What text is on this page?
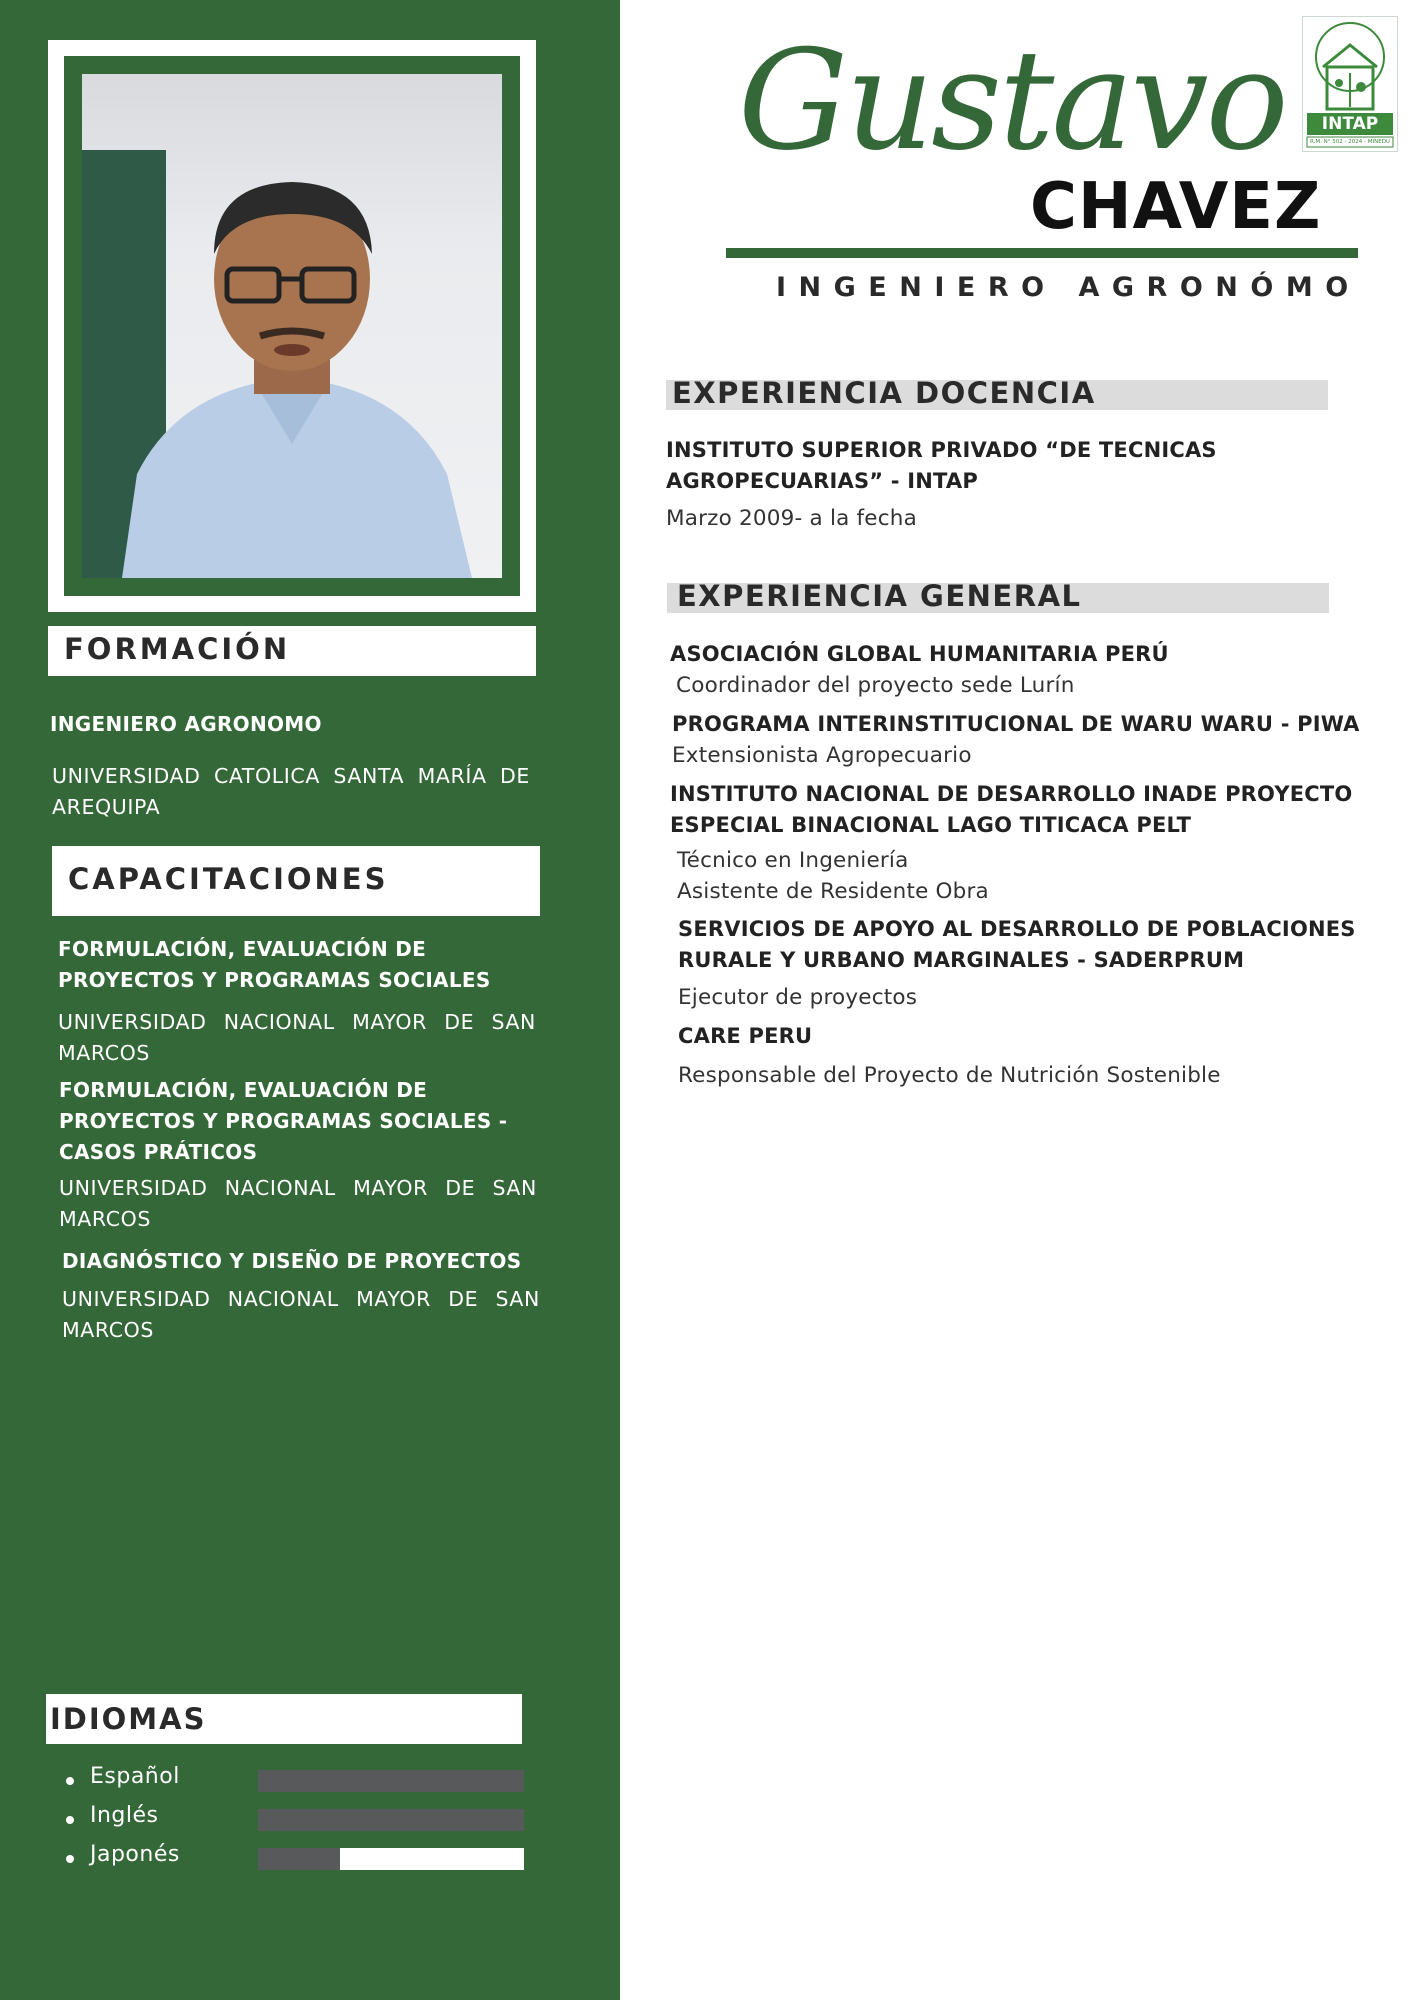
FORMACIÓN
INGENIERO AGRONOMO
UNIVERSIDAD CATOLICA SANTA MARÍA DE AREQUIPA
CAPACITACIONES
FORMULACIÓN, EVALUACIÓN DE PROYECTOS Y PROGRAMAS SOCIALES
UNIVERSIDAD NACIONAL MAYOR DE SAN MARCOS
FORMULACIÓN, EVALUACIÓN DE PROYECTOS Y PROGRAMAS SOCIALES - CASOS PRÁTICOS
UNIVERSIDAD NACIONAL MAYOR DE SAN MARCOS
DIAGNÓSTICO Y DISEÑO DE PROYECTOS
UNIVERSIDAD NACIONAL MAYOR DE SAN MARCOS
IDIOMAS
Español
Inglés
Japonés
Gustavo
CHAVEZ
INGENIERO AGRONÓMO
INTAP
R.M. N° 502 - 2024 - MINEDU
EXPERIENCIA DOCENCIA
INSTITUTO SUPERIOR PRIVADO “DE TECNICAS AGROPECUARIAS” - INTAP
Marzo 2009- a la fecha
EXPERIENCIA GENERAL
ASOCIACIÓN GLOBAL HUMANITARIA PERÚ
Coordinador del proyecto sede Lurín
PROGRAMA INTERINSTITUCIONAL DE WARU WARU - PIWA
Extensionista Agropecuario
INSTITUTO NACIONAL DE DESARROLLO INADE PROYECTO ESPECIAL BINACIONAL LAGO TITICACA PELT
Técnico en Ingeniería
Asistente de Residente Obra
SERVICIOS DE APOYO AL DESARROLLO DE POBLACIONES RURALE Y URBANO MARGINALES - SADERPRUM
Ejecutor de proyectos
CARE PERU
Responsable del Proyecto de Nutrición Sostenible
